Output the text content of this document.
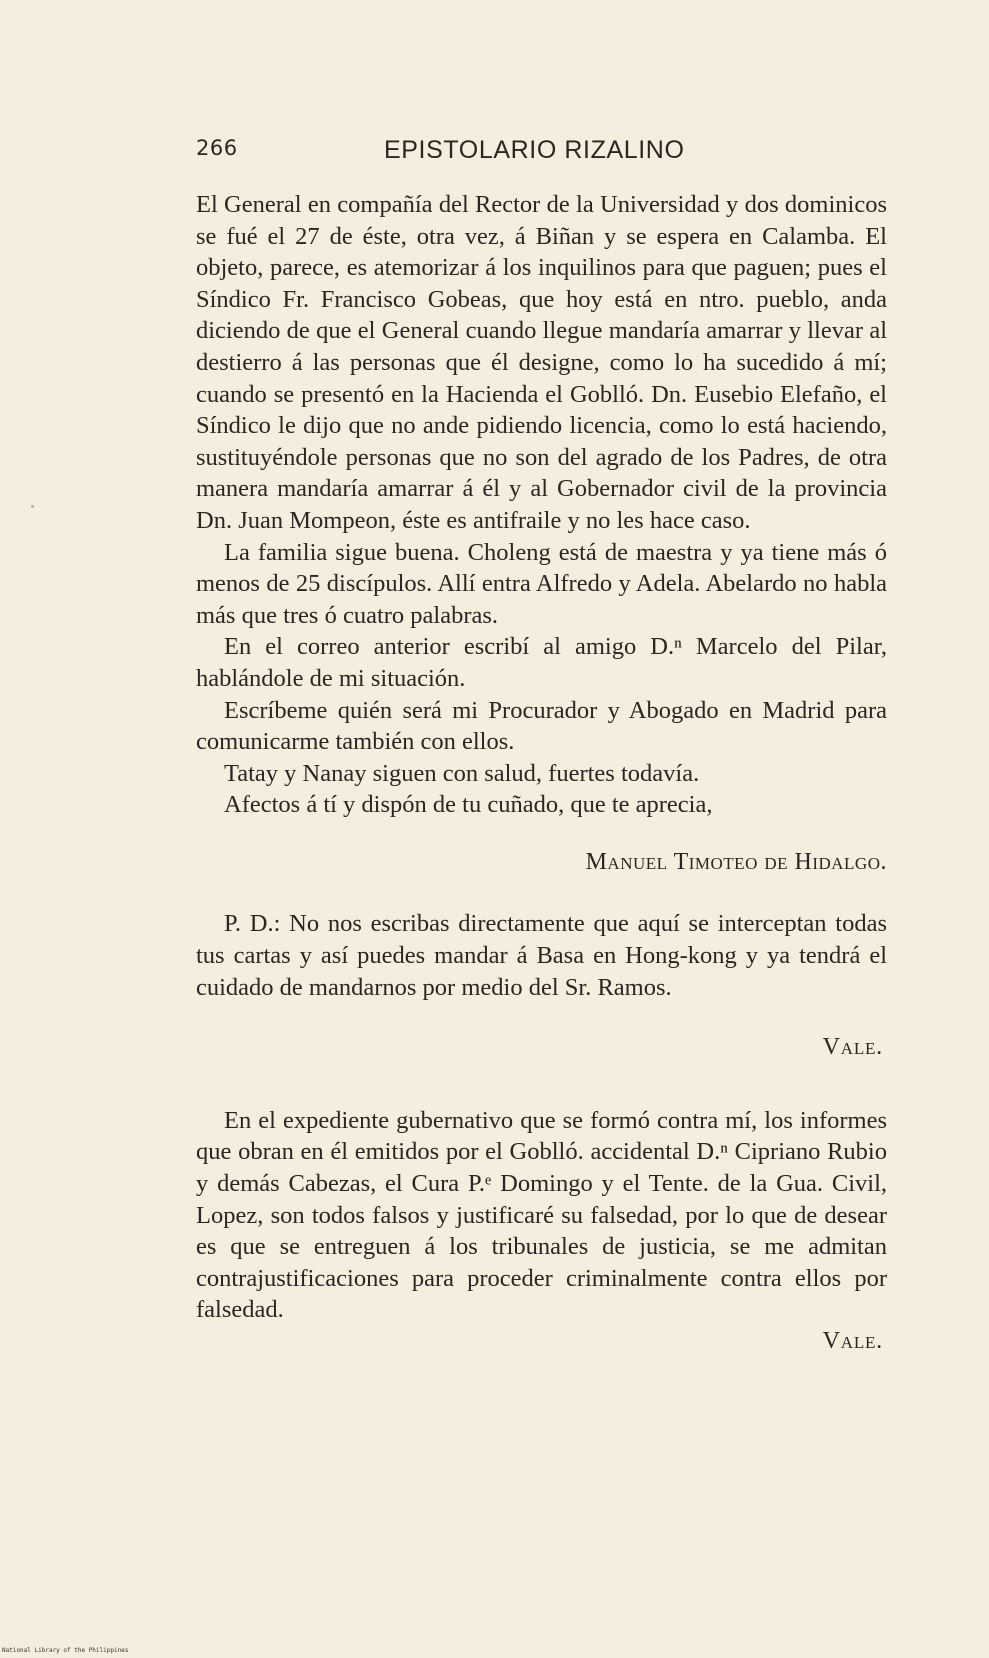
266	EPISTOLARIO RIZALINO

El General en compañía del Rector de la Universidad y dos dominicos se fué el 27 de éste, otra vez, á Biñan y se espera en Calamba. El objeto, parece, es atemorizar á los inquilinos para que paguen; pues el Síndico Fr. Francisco Gobeas, que hoy está en ntro. pueblo, anda diciendo de que el General cuando llegue mandaría amarrar y llevar al destierro á las personas que él designe, como lo ha sucedido á mí; cuando se presentó en la Hacienda el Goblló. Dn. Eusebio Elefaño, el Síndico le dijo que no ande pidiendo licencia, como lo está haciendo, sustituyéndole personas que no son del agrado de los Padres, de otra manera mandaría amarrar á él y al Gobernador civil de la provincia Dn. Juan Mompeon, éste es antifraile y no les hace caso.

La familia sigue buena. Choleng está de maestra y ya tiene más ó menos de 25 discípulos. Allí entra Alfredo y Adela. Abelardo no habla más que tres ó cuatro palabras.

En el correo anterior escribí al amigo D.ⁿ Marcelo del Pilar, hablándole de mi situación.

Escríbeme quién será mi Procurador y Abogado en Madrid para comunicarme también con ellos.

Tatay y Nanay siguen con salud, fuertes todavía.

Afectos á tí y dispón de tu cuñado, que te aprecia,

Manuel Timoteo de Hidalgo.

P. D.: No nos escribas directamente que aquí se interceptan todas tus cartas y así puedes mandar á Basa en Hong-kong y ya tendrá el cuidado de mandarnos por medio del Sr. Ramos.

Vale.

En el expediente gubernativo que se formó contra mí, los informes que obran en él emitidos por el Goblló. accidental D.ⁿ Cipriano Rubio y demás Cabezas, el Cura P.ᵉ Domingo y el Tente. de la Gua. Civil, Lopez, son todos falsos y justificaré su falsedad, por lo que de desear es que se entreguen á los tribunales de justicia, se me admitan contrajustificaciones para proceder criminalmente contra ellos por falsedad.

Vale.

National Library of the Philippines
